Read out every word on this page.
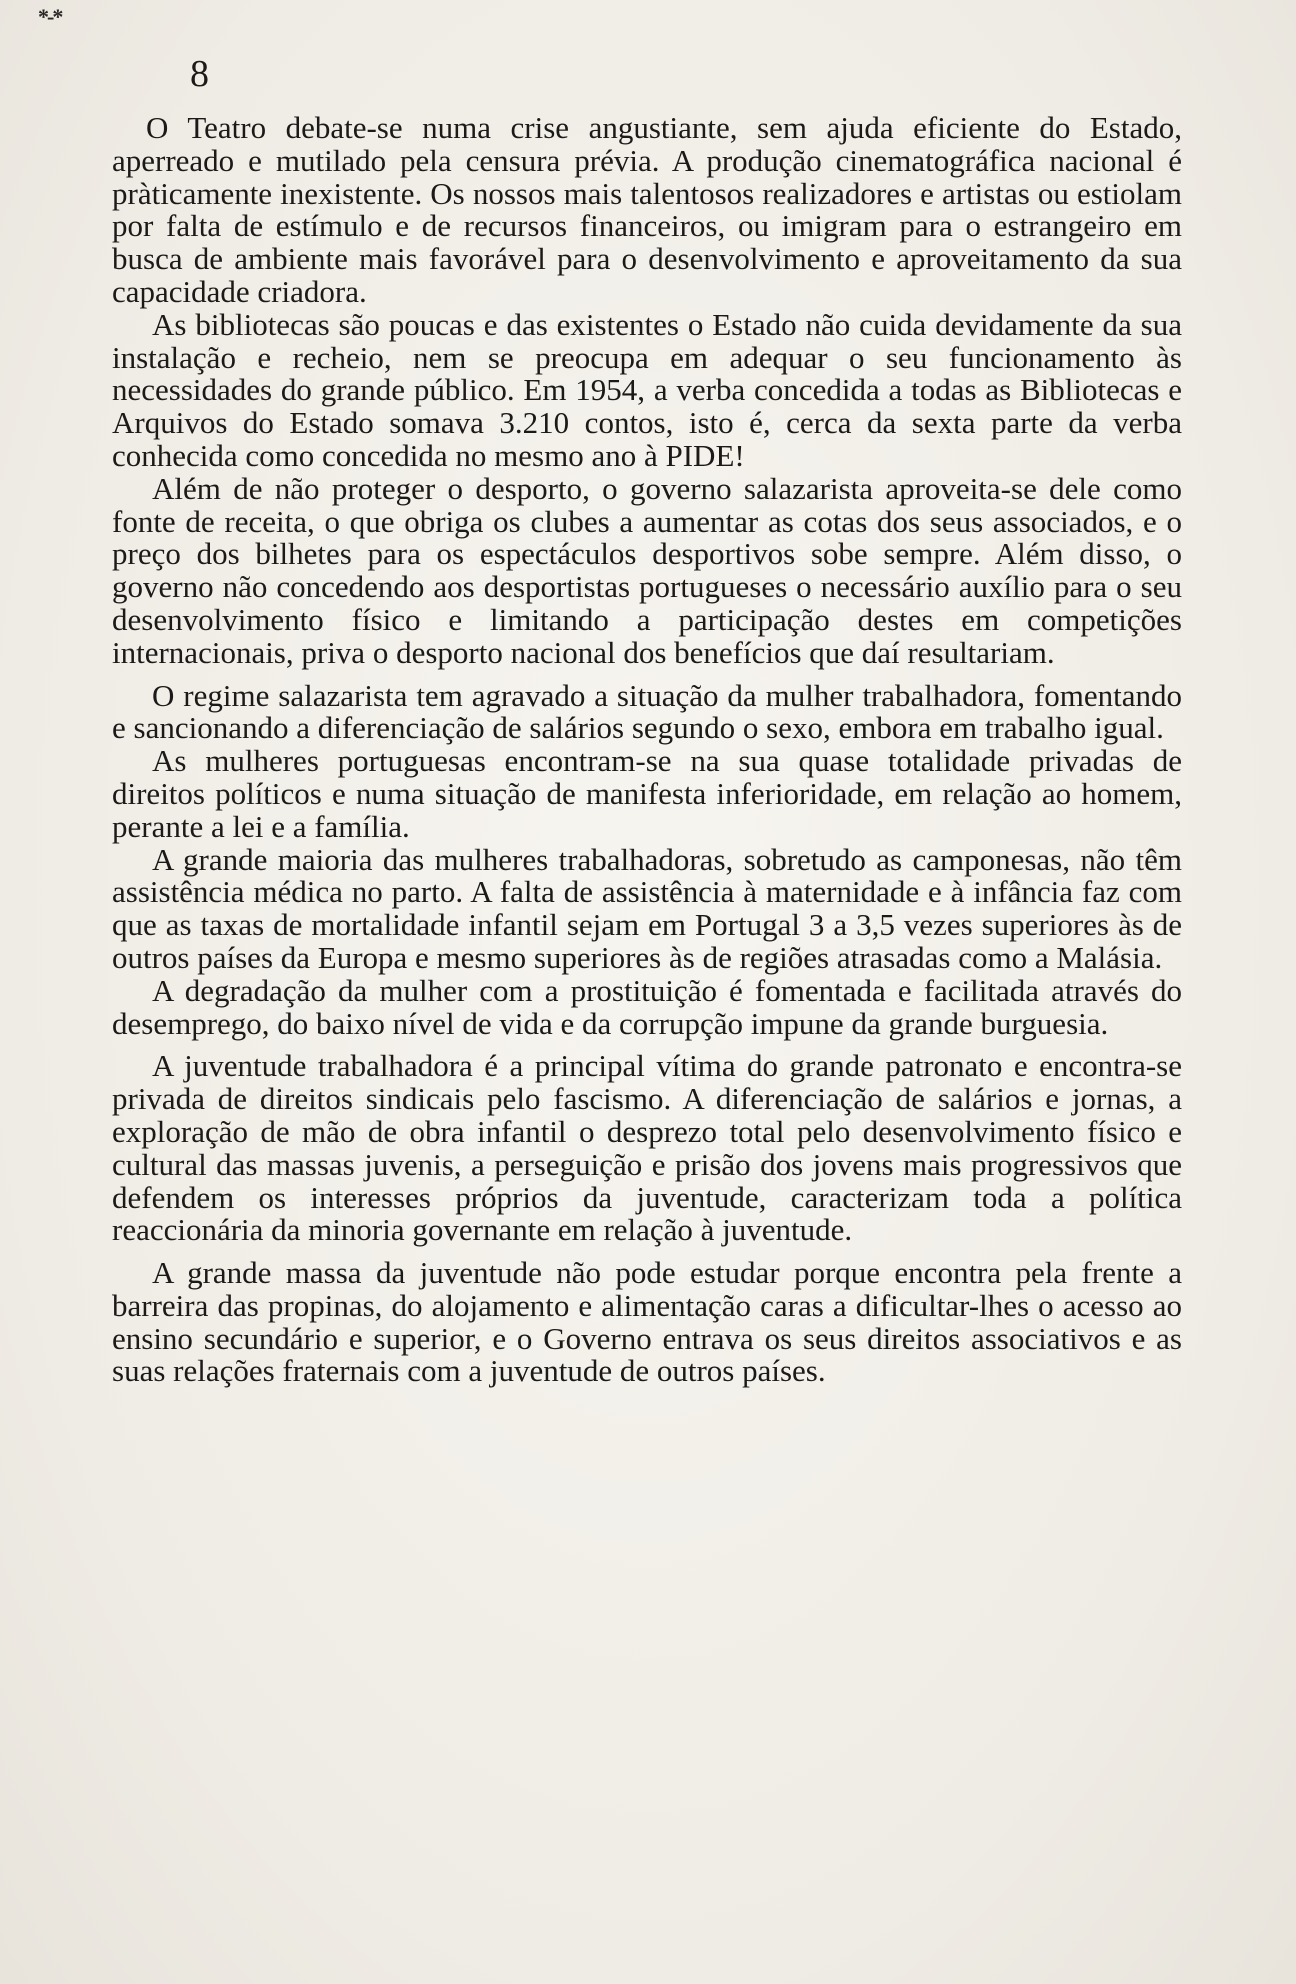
*-*
8

O Teatro debate-se numa crise angustiante, sem ajuda eficiente do Estado, aperreado e mutilado pela censura prévia. A produção cinematográfica nacional é pràticamente inexistente. Os nossos mais talentosos realizadores e artistas ou estiolam por falta de estímulo e de recursos financeiros, ou imigram para o estrangeiro em busca de ambiente mais favorável para o desenvolvimento e aproveitamento da sua capacidade criadora.

As bibliotecas são poucas e das existentes o Estado não cuida devidamente da sua instalação e recheio, nem se preocupa em adequar o seu funcionamento às necessidades do grande público. Em 1954, a verba concedida a todas as Bibliotecas e Arquivos do Estado somava 3.210 contos, isto é, cerca da sexta parte da verba conhecida como concedida no mesmo ano à PIDE!

Além de não proteger o desporto, o governo salazarista aproveita-se dele como fonte de receita, o que obriga os clubes a aumentar as cotas dos seus associados, e o preço dos bilhetes para os espectáculos desportivos sobe sempre. Além disso, o governo não concedendo aos desportistas portugueses o necessário auxílio para o seu desenvolvimento físico e limitando a participação destes em competições internacionais, priva o desporto nacional dos benefícios que daí resultariam.

O regime salazarista tem agravado a situação da mulher trabalhadora, fomentando e sancionando a diferenciação de salários segundo o sexo, embora em trabalho igual.

As mulheres portuguesas encontram-se na sua quase totalidade privadas de direitos políticos e numa situação de manifesta inferioridade, em relação ao homem, perante a lei e a família.

A grande maioria das mulheres trabalhadoras, sobretudo as camponesas, não têm assistência médica no parto. A falta de assistência à maternidade e à infância faz com que as taxas de mortalidade infantil sejam em Portugal 3 a 3,5 vezes superiores às de outros países da Europa e mesmo superiores às de regiões atrasadas como a Malásia.

A degradação da mulher com a prostituição é fomentada e facilitada através do desemprego, do baixo nível de vida e da corrupção impune da grande burguesia.

A juventude trabalhadora é a principal vítima do grande patronato e encontra-se privada de direitos sindicais pelo fascismo. A diferenciação de salários e jornas, a exploração de mão de obra infantil o desprezo total pelo desenvolvimento físico e cultural das massas juvenis, a perseguição e prisão dos jovens mais progressivos que defendem os interesses próprios da juventude, caracterizam toda a política reaccionária da minoria governante em relação à juventude.

A grande massa da juventude não pode estudar porque encontra pela frente a barreira das propinas, do alojamento e alimentação caras a dificultar-lhes o acesso ao ensino secundário e superior, e o Governo entrava os seus direitos associativos e as suas relações fraternais com a juventude de outros países.
